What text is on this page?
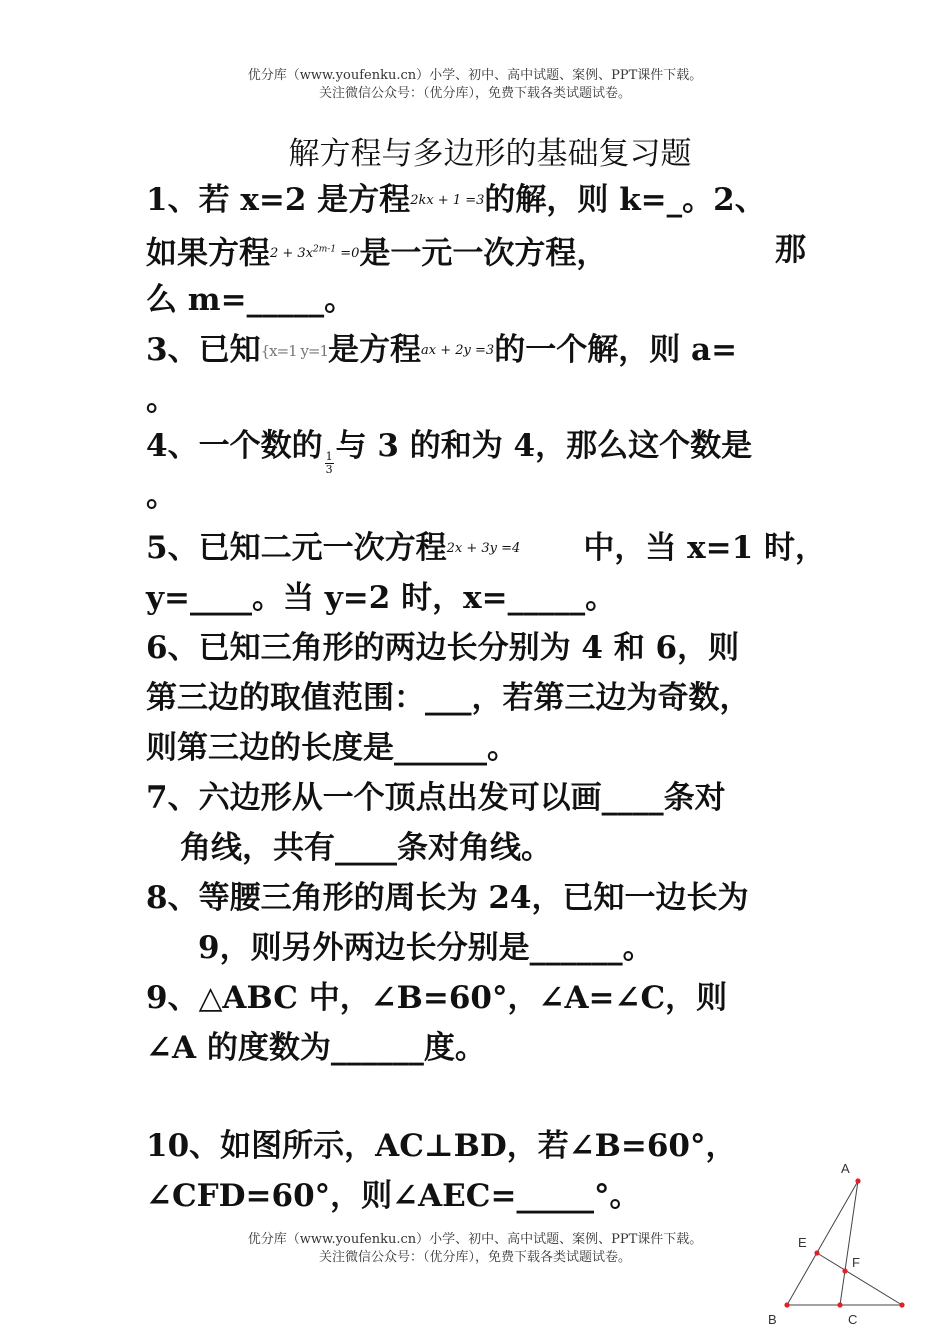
优分库（www.youfenku.cn）小学、初中、高中试题、案例、PPT课件下载。
关注微信公众号：（优分库），免费下载各类试题试卷。
解方程与多边形的基础复习题
1、若 x=2 是方程2kx + 1 =3的解，则 k=_。2、
如果方程$2 + 3x^{2m-1} =0$是一元一次方程，	那
么 m=_____。
3、已知{x=1 y=1是方程ax + 2y =3的一个解，则 a=
。
4、一个数的 $\frac{1}{3}$ 与 3 的和为 4，那么这个数是
。
5、已知二元一次方程2x + 3y =4 中，当 x=1 时，
y=____。当 y=2 时，x=_____。
6、已知三角形的两边长分别为 4 和 6，则
第三边的取值范围：___，若第三边为奇数，
则第三边的长度是______。
7、六边形从一个顶点出发可以画____条对
角线，共有____条对角线。
8、等腰三角形的周长为 24，已知一边长为
9，则另外两边长分别是______。
9、△ABC 中，∠B=60°，∠A=∠C，则
∠A 的度数为______度。
10、如图所示，AC⊥BD，若∠B=60°，
∠CFD=60°，则∠AEC=_____°。
优分库（www.youfenku.cn）小学、初中、高中试题、案例、PPT课件下载。
关注微信公众号：（优分库），免费下载各类试题试卷。
A
E
F
B	C
